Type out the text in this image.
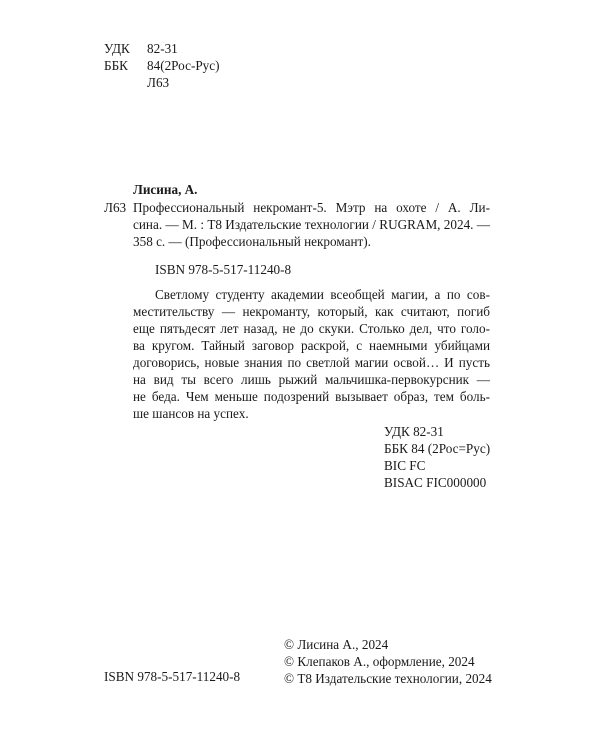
УДК 82-31
ББК 84(2Рос-Рус)
Л63
Лисина, А.
Л63 Профессиональный некромант-5. Мэтр на охоте / А. Ли-
сина. — М. : Т8 Издательские технологии / RUGRAM, 2024. —
358 с. — (Профессиональный некромант).
ISBN 978-5-517-11240-8
Светлому студенту академии всеобщей магии, а по сов-
местительству — некроманту, который, как считают, погиб
еще пятьдесят лет назад, не до скуки. Столько дел, что голо-
ва кругом. Тайный заговор раскрой, с наемными убийцами
договорись, новые знания по светлой магии освой… И пусть
на вид ты всего лишь рыжий мальчишка-первокурсник —
не беда. Чем меньше подозрений вызывает образ, тем боль-
ше шансов на успех.
УДК 82-31
ББК 84 (2Рос=Рус)
BIC FC
BISAC FIC000000
ISBN 978-5-517-11240-8
© Лисина А., 2024
© Клепаков А., оформление, 2024
© Т8 Издательские технологии, 2024
